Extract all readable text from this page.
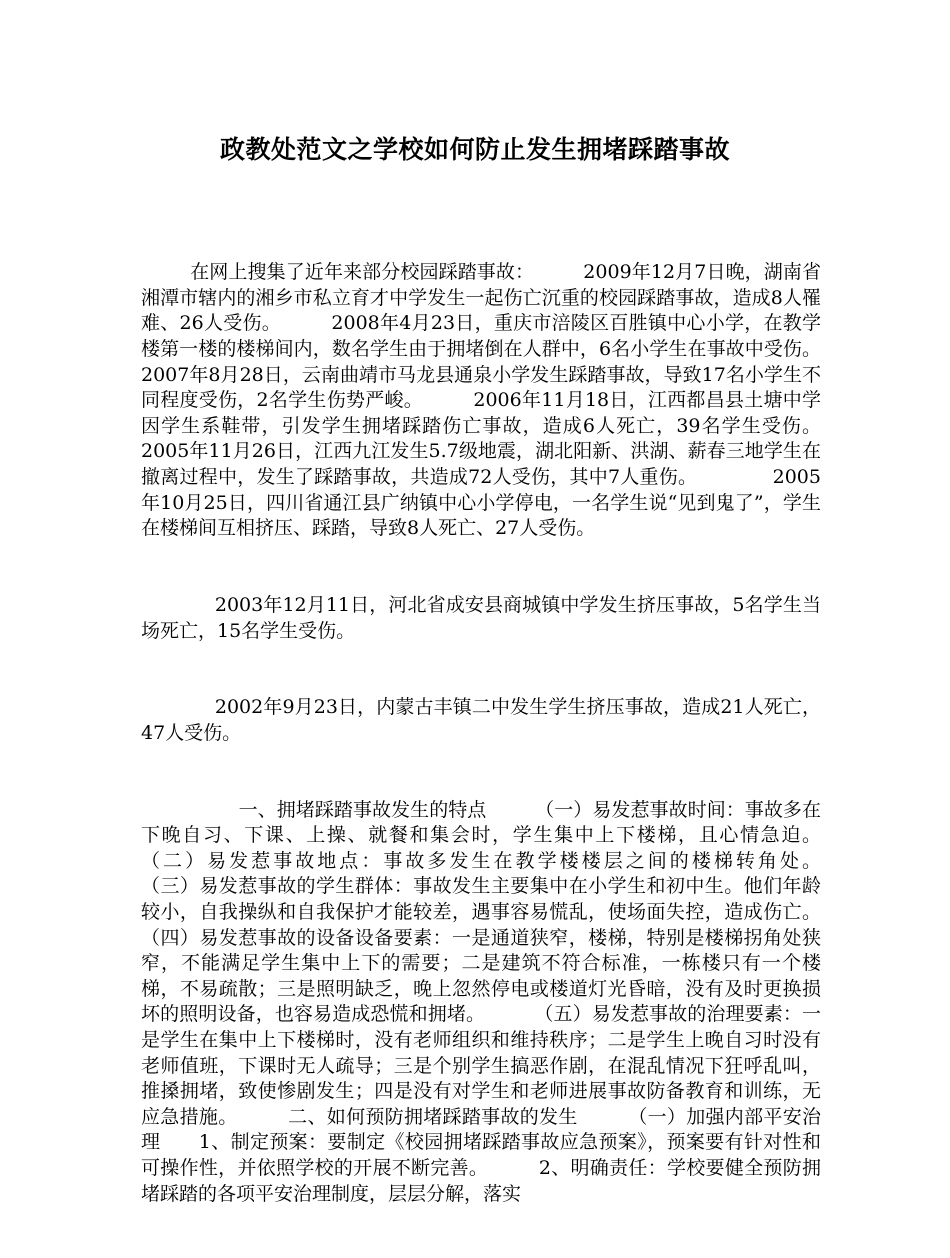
政教处范文之学校如何防止发生拥堵踩踏事故

在网上搜集了近年来部分校园踩踏事故：        2009年12月7日晚，湖南省湘潭市辖内的湘乡市私立育才中学发生一起伤亡沉重的校园踩踏事故，造成8人罹难、26人受伤。        2008年4月23日，重庆市涪陵区百胜镇中心小学，在教学楼第一楼的楼梯间内，数名学生由于拥堵倒在人群中，6名小学生在事故中受伤。        2007年8月28日，云南曲靖市马龙县通泉小学发生踩踏事故，导致17名小学生不同程度受伤，2名学生伤势严峻。        2006年11月18日，江西都昌县土塘中学因学生系鞋带，引发学生拥堵踩踏伤亡事故，造成6人死亡，39名学生受伤。        2005年11月26日，江西九江发生5.7级地震，湖北阳新、洪湖、薪春三地学生在撤离过程中，发生了踩踏事故，共造成72人受伤，其中7人重伤。            2005年10月25日，四川省通江县广纳镇中心小学停电，一名学生说“见到鬼了”，学生在楼梯间互相挤压、踩踏，导致8人死亡、27人受伤。

2003年12月11日，河北省成安县商城镇中学发生挤压事故，5名学生当场死亡，15名学生受伤。

2002年9月23日，内蒙古丰镇二中发生学生挤压事故，造成21人死亡，47人受伤。

一、拥堵踩踏事故发生的特点        （一）易发惹事故时间：事故多在下晚自习、下课、上操、就餐和集会时，学生集中上下楼梯，且心情急迫。        （二）易发惹事故地点：事故多发生在教学楼楼层之间的楼梯转角处。        （三）易发惹事故的学生群体：事故发生主要集中在小学生和初中生。他们年龄较小，自我操纵和自我保护才能较差，遇事容易慌乱，使场面失控，造成伤亡。        （四）易发惹事故的设备设备要素：一是通道狭窄，楼梯，特别是楼梯拐角处狭窄，不能满足学生集中上下的需要；二是建筑不符合标准，一栋楼只有一个楼梯，不易疏散；三是照明缺乏，晚上忽然停电或楼道灯光昏暗，没有及时更换损坏的照明设备，也容易造成恐慌和拥堵。        （五）易发惹事故的治理要素：一是学生在集中上下楼梯时，没有老师组织和维持秩序；二是学生上晚自习时没有老师值班，下课时无人疏导；三是个别学生搞恶作剧，在混乱情况下狂呼乱叫，推搡拥堵，致使惨剧发生；四是没有对学生和老师进展事故防备教育和训练，无应急措施。        二、如何预防拥堵踩踏事故的发生        （一）加强内部平安治理      1、制定预案：要制定《校园拥堵踩踏事故应急预案》，预案要有针对性和可操作性，并依照学校的开展不断完善。        2、明确责任：学校要健全预防拥堵踩踏的各项平安治理制度，层层分解，落实
